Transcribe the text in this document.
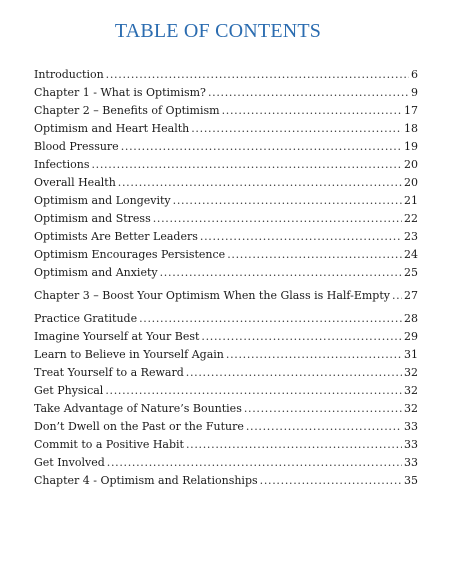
TABLE OF CONTENTS
Introduction . . .	6
Chapter 1 - What is Optimism? . . .	9
Chapter 2 – Benefits of Optimism . . .	17
Optimism and Heart Health . . .	18
Blood Pressure . . .	19
Infections . . .	20
Overall Health . . .	20
Optimism and Longevity . . .	21
Optimism and Stress . . .	22
Optimists Are Better Leaders . . .	23
Optimism Encourages Persistence . . .	24
Optimism and Anxiety . . .	25
Chapter 3 – Boost Your Optimism When the Glass is Half-Empty . . . 27
Practice Gratitude . . .	28
Imagine Yourself at Your Best . . .	29
Learn to Believe in Yourself Again . . .	31
Treat Yourself to a Reward . . .	32
Get Physical . . .	32
Take Advantage of Nature’s Bounties . . .	32
Don’t Dwell on the Past or the Future . . .	33
Commit to a Positive Habit . . .	33
Get Involved . . .	33
Chapter 4 - Optimism and Relationships . . .	35
